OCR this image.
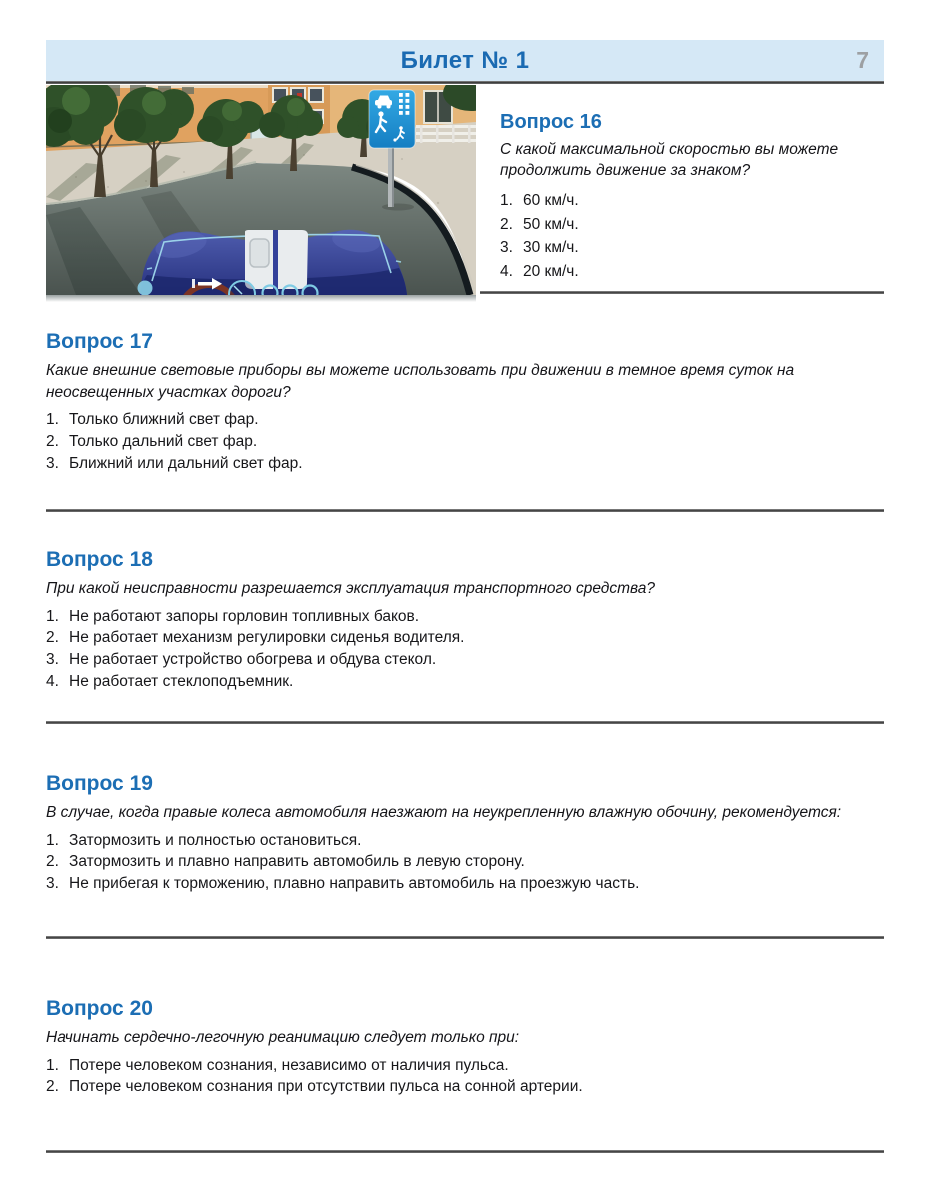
Билет № 1	7
Вопрос 16

С какой максимальной скоростью вы можете продолжить движение за знаком?

1. 60 км/ч.
2. 50 км/ч.
3. 30 км/ч.
4. 20 км/ч.
Вопрос 17

Какие внешние световые приборы вы можете использовать при движении в темное время суток на неосвещенных участках дороги?

1. Только ближний свет фар.
2. Только дальний свет фар.
3. Ближний или дальний свет фар.
Вопрос 18

При какой неисправности разрешается эксплуатация транспортного средства?

1. Не работают запоры горловин топливных баков.
2. Не работает механизм регулировки сиденья водителя.
3. Не работает устройство обогрева и обдува стекол.
4. Не работает стеклоподъемник.
Вопрос 19

В случае, когда правые колеса автомобиля наезжают на неукрепленную влажную обочину, рекомендуется:

1. Затормозить и полностью остановиться.
2. Затормозить и плавно направить автомобиль в левую сторону.
3. Не прибегая к торможению, плавно направить автомобиль на проезжую часть.
Вопрос 20

Начинать сердечно-легочную реанимацию следует только при:

1. Потере человеком сознания, независимо от наличия пульса.
2. Потере человеком сознания при отсутствии пульса на сонной артерии.
